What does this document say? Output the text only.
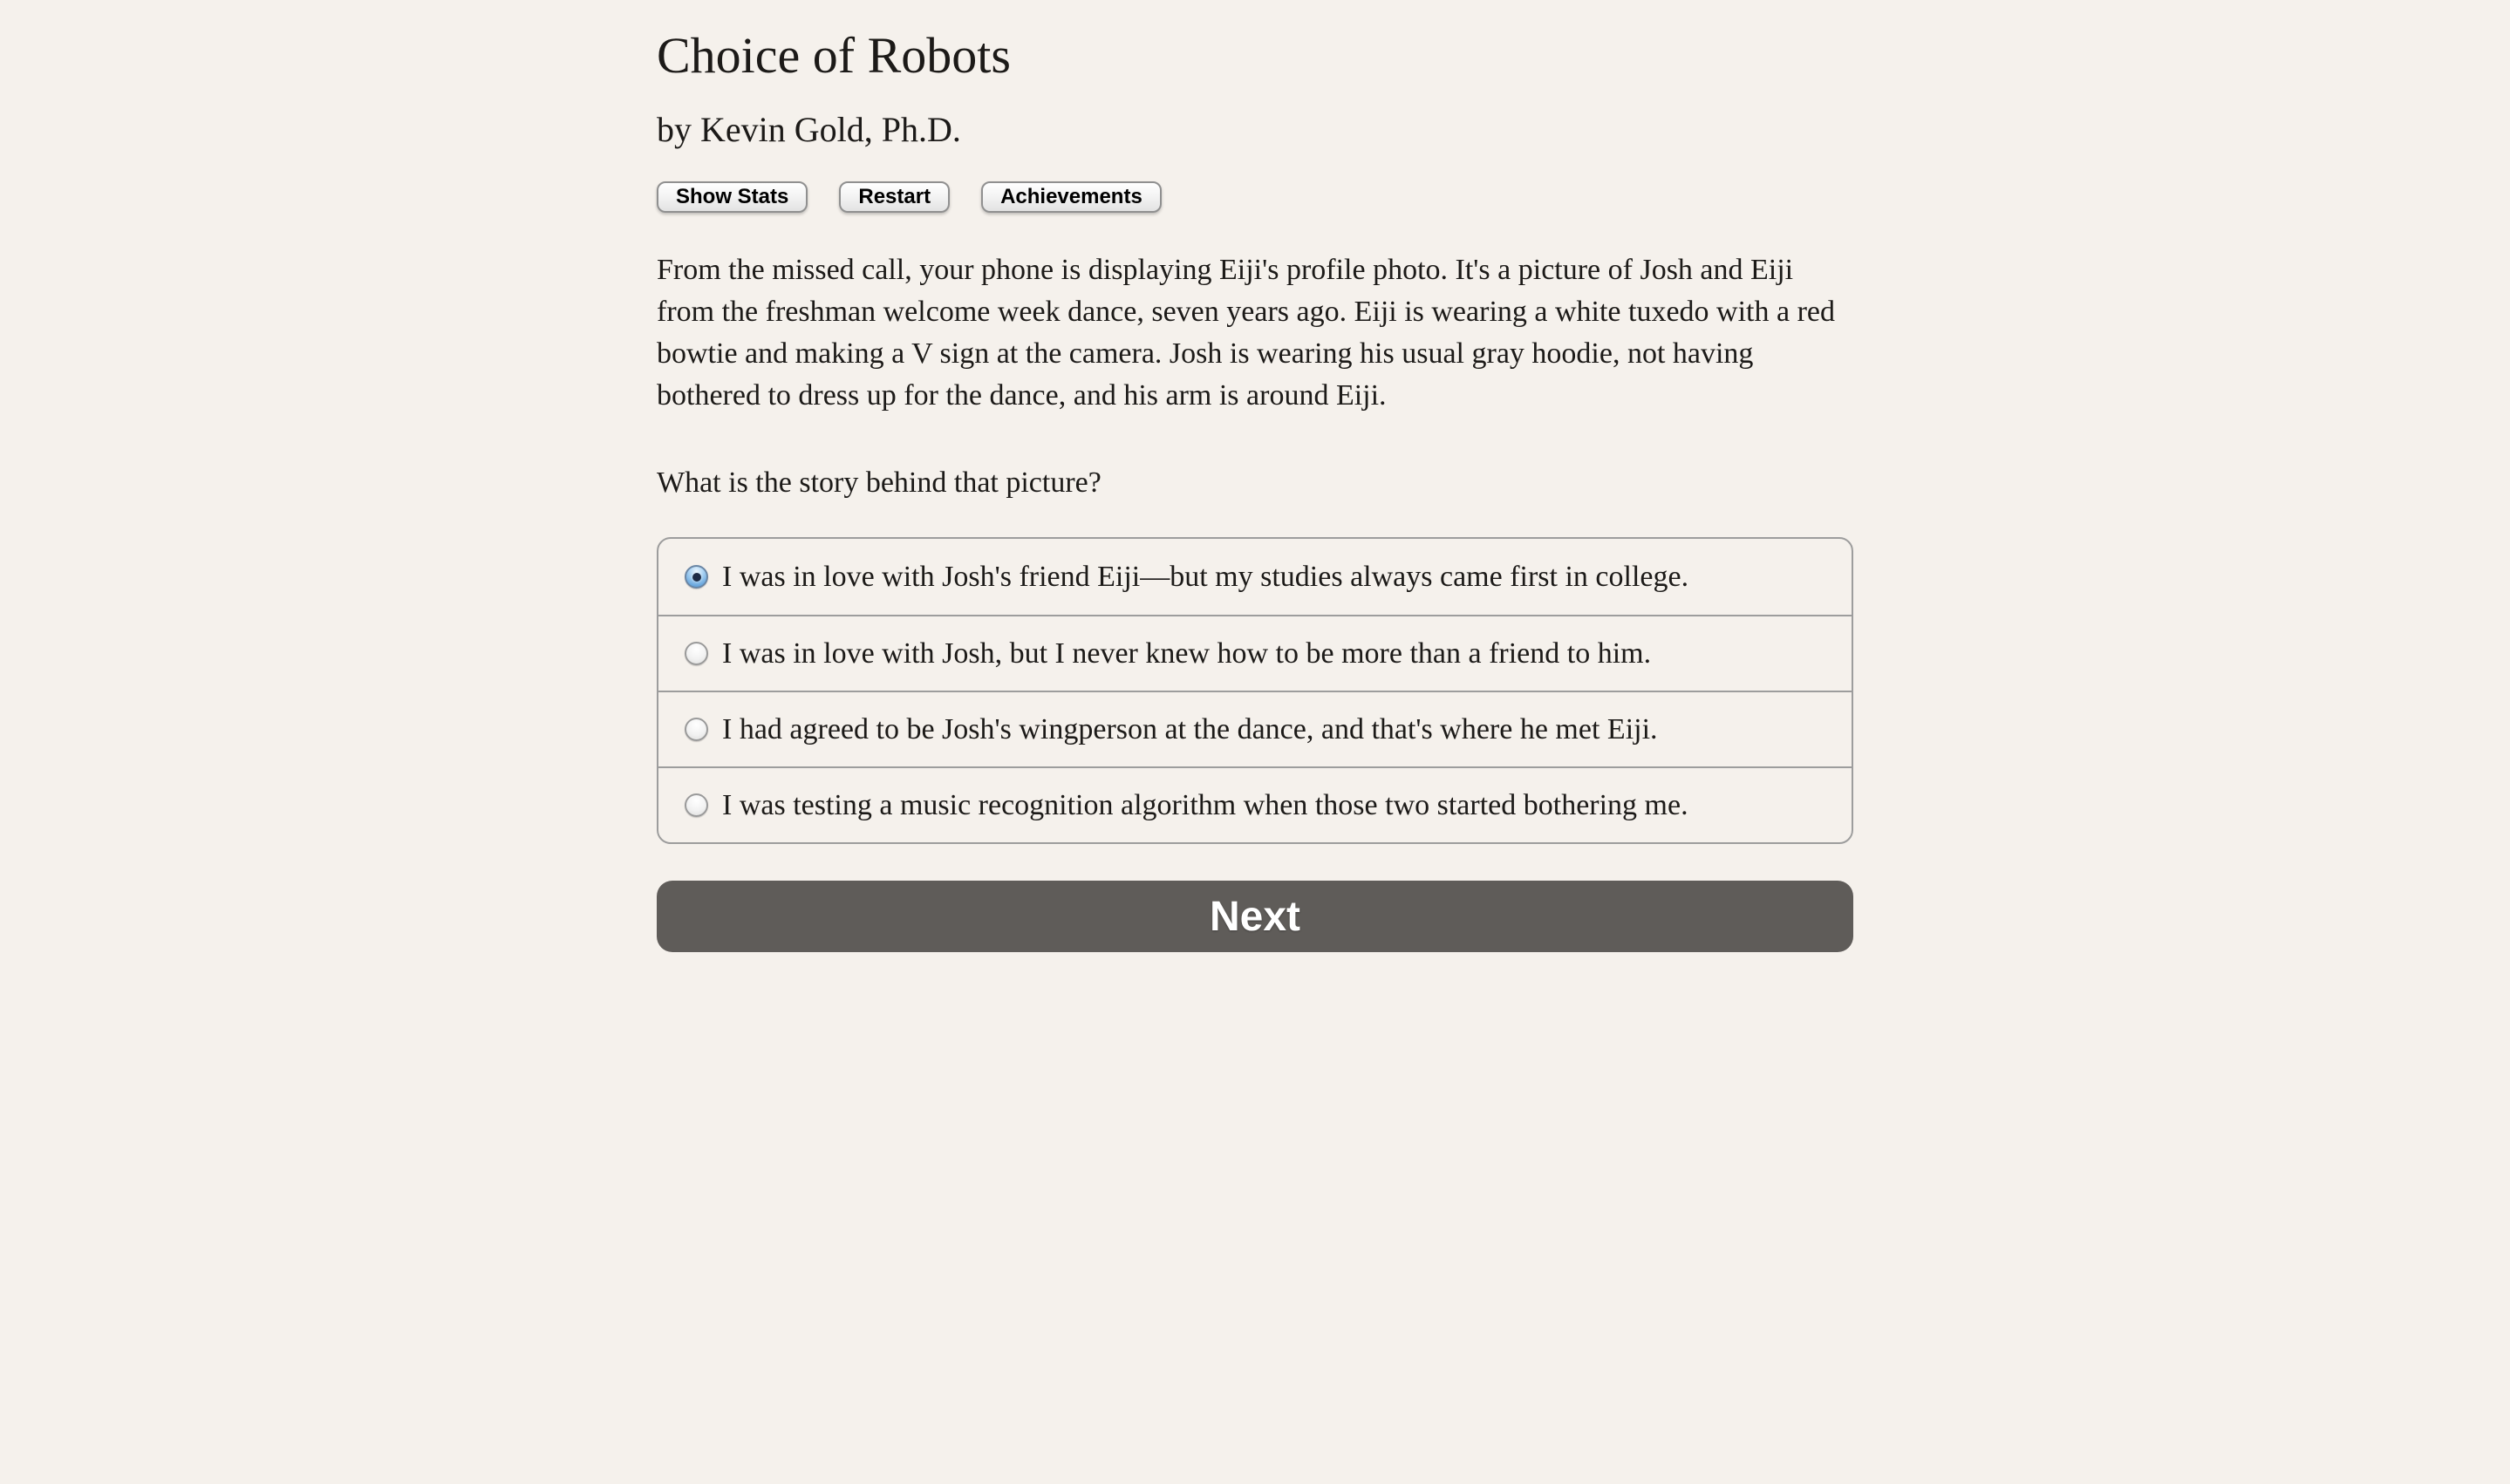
Choice of Robots

by Kevin Gold, Ph.D.

Show Stats	Restart	Achievements

From the missed call, your phone is displaying Eiji's profile photo. It's a picture of Josh and Eiji from the freshman welcome week dance, seven years ago. Eiji is wearing a white tuxedo with a red bowtie and making a V sign at the camera. Josh is wearing his usual gray hoodie, not having bothered to dress up for the dance, and his arm is around Eiji.

What is the story behind that picture?

I was in love with Josh's friend Eiji—but my studies always came first in college.
I was in love with Josh, but I never knew how to be more than a friend to him.
I had agreed to be Josh's wingperson at the dance, and that's where he met Eiji.
I was testing a music recognition algorithm when those two started bothering me.
Next
